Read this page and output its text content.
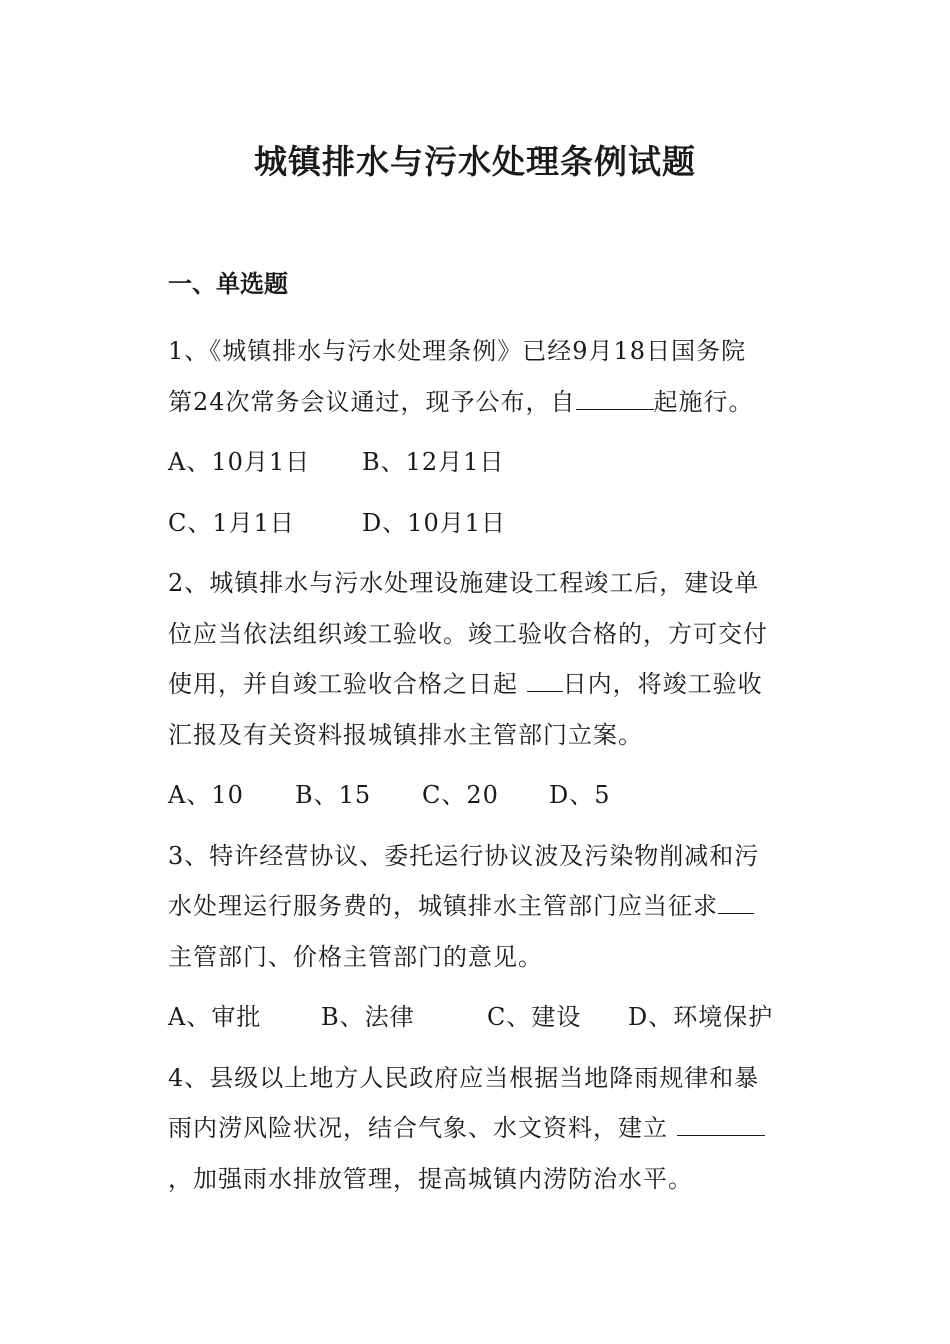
城镇排水与污水处理条例试题
一、单选题
1、《城镇排水与污水处理条例》已经9月18日国务院
第24次常务会议通过，现予公布，自	起施行。
A、10月1日	B、12月1日
C、1月1日	D、10月1日
2、城镇排水与污水处理设施建设工程竣工后，建设单
位应当依法组织竣工验收。竣工验收合格的，方可交付
使用，并自竣工验收合格之日起 日内，将竣工验收
汇报及有关资料报城镇排水主管部门立案。
A、10	B、15	C、20	D、5
3、特许经营协议、委托运行协议波及污染物削减和污
水处理运行服务费的，城镇排水主管部门应当征求
主管部门、价格主管部门的意见。
A、审批	B、法律	C、建设	D、环境保护
4、县级以上地方人民政府应当根据当地降雨规律和暴
雨内涝风险状况，结合气象、水文资料，建立
，加强雨水排放管理，提高城镇内涝防治水平。
